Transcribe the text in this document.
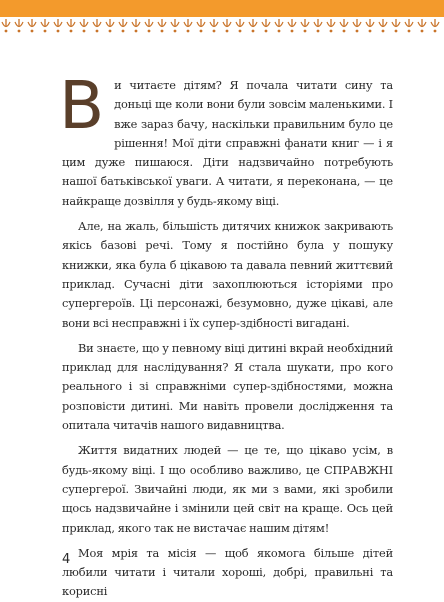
Ви читаєте дітям? Я почала читати сину та доньці ще коли вони були зовсім маленькими. І вже зараз бачу, наскільки правильним було це рішення! Мої діти справжні фанати книг — і я цим дуже пишаюся. Діти надзвичайно потребують нашої батьківської уваги. А читати, я переконана, — це найкраще дозвілля у будь-якому віці.

Але, на жаль, більшість дитячих книжок закривають якісь базові речі. Тому я постійно була у пошуку книжки, яка була б цікавою та давала певний життєвий приклад. Сучасні діти захоплюються історіями про супергероїв. Ці персонажі, безумовно, дуже цікаві, але вони всі несправжні і їх супер-здібності вигадані.

Ви знаєте, що у певному віці дитині вкрай необхідний приклад для наслідування? Я стала шукати, про кого реального і зі справжніми супер-здібностями, можна розповісти дитині. Ми навіть провели дослідження та опитала читачів нашого видавництва.

Життя видатних людей — це те, що цікаво усім, в будь-якому віці. І що особливо важливо, це СПРАВЖНІ супергерої. Звичайні люди, як ми з вами, які зробили щось надзвичайне і змінили цей світ на краще. Ось цей приклад, якого так не вистачає нашим дітям!

Моя мрія та місія — щоб якомога більше дітей любили читати і читали хороші, добрі, правильні та корисні

4
